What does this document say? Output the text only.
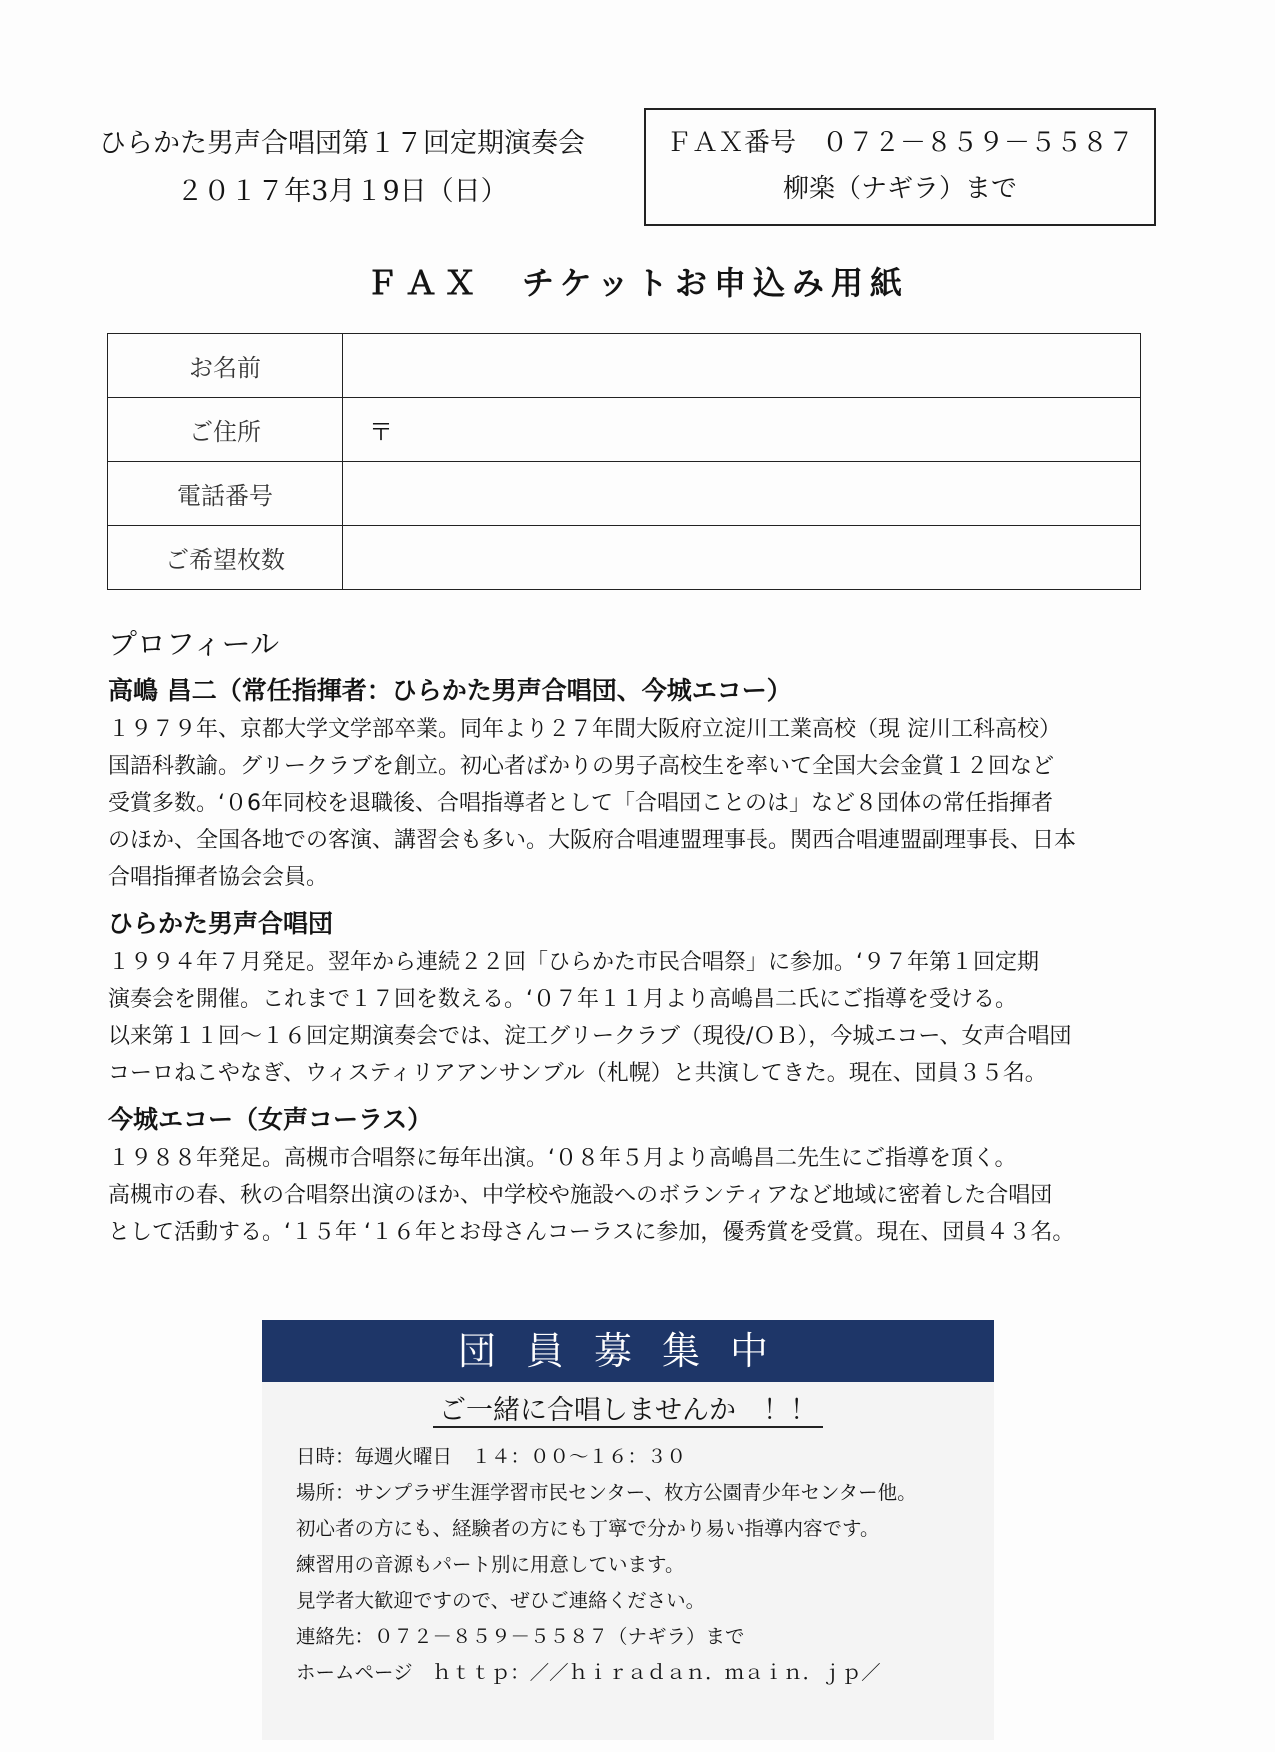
ひらかた男声合唱団第１７回定期演奏会
２０１７年3月１9日（日）
ＦＡＸ番号　０７２－８５９－５５８７
柳楽（ナギラ）まで
ＦＡＸ　チケットお申込み用紙
お名前	
ご住所	〒
電話番号	
ご希望枚数	
プロフィール
高嶋 昌二（常任指揮者：ひらかた男声合唱団、今城エコー）

１９７９年、京都大学文学部卒業。同年より２７年間大阪府立淀川工業高校（現 淀川工科高校）

国語科教諭。グリークラブを創立。初心者ばかりの男子高校生を率いて全国大会金賞１２回など

受賞多数。‘０6年同校を退職後、合唱指導者として「合唱団ことのは」など８団体の常任指揮者

のほか、全国各地での客演、講習会も多い。大阪府合唱連盟理事長。関西合唱連盟副理事長、日本

合唱指揮者協会会員。

ひらかた男声合唱団

１９９４年７月発足。翌年から連続２２回「ひらかた市民合唱祭」に参加。‘９７年第１回定期

演奏会を開催。これまで１７回を数える。‘０７年１１月より高嶋昌二氏にご指導を受ける。

以来第１１回～１６回定期演奏会では、淀工グリークラブ（現役/ＯＢ），今城エコー、女声合唱団

コーロねこやなぎ、ウィスティリアアンサンブル（札幌）と共演してきた。現在、団員３５名。

今城エコー（女声コーラス）

１９８８年発足。高槻市合唱祭に毎年出演。‘０８年５月より高嶋昌二先生にご指導を頂く。

高槻市の春、秋の合唱祭出演のほか、中学校や施設へのボランティアなど地域に密着した合唱団

として活動する。‘１５年 ‘１６年とお母さんコーラスに参加，優秀賞を受賞。現在、団員４３名。

団員募集中
ご一緒に合唱しませんか　！！
日時：毎週火曜日　１４：００～１６：３０
場所：サンプラザ生涯学習市民センター、枚方公園青少年センター他。
初心者の方にも、経験者の方にも丁寧で分かり易い指導内容です。
練習用の音源もパート別に用意しています。
見学者大歓迎ですので、ぜひご連絡ください。
連絡先：０７２－８５９－５５８７（ナギラ）まで
ホームページ　ｈｔｔｐ：／／ｈｉｒａｄａｎ．ｍａｉｎ．ｊｐ／
